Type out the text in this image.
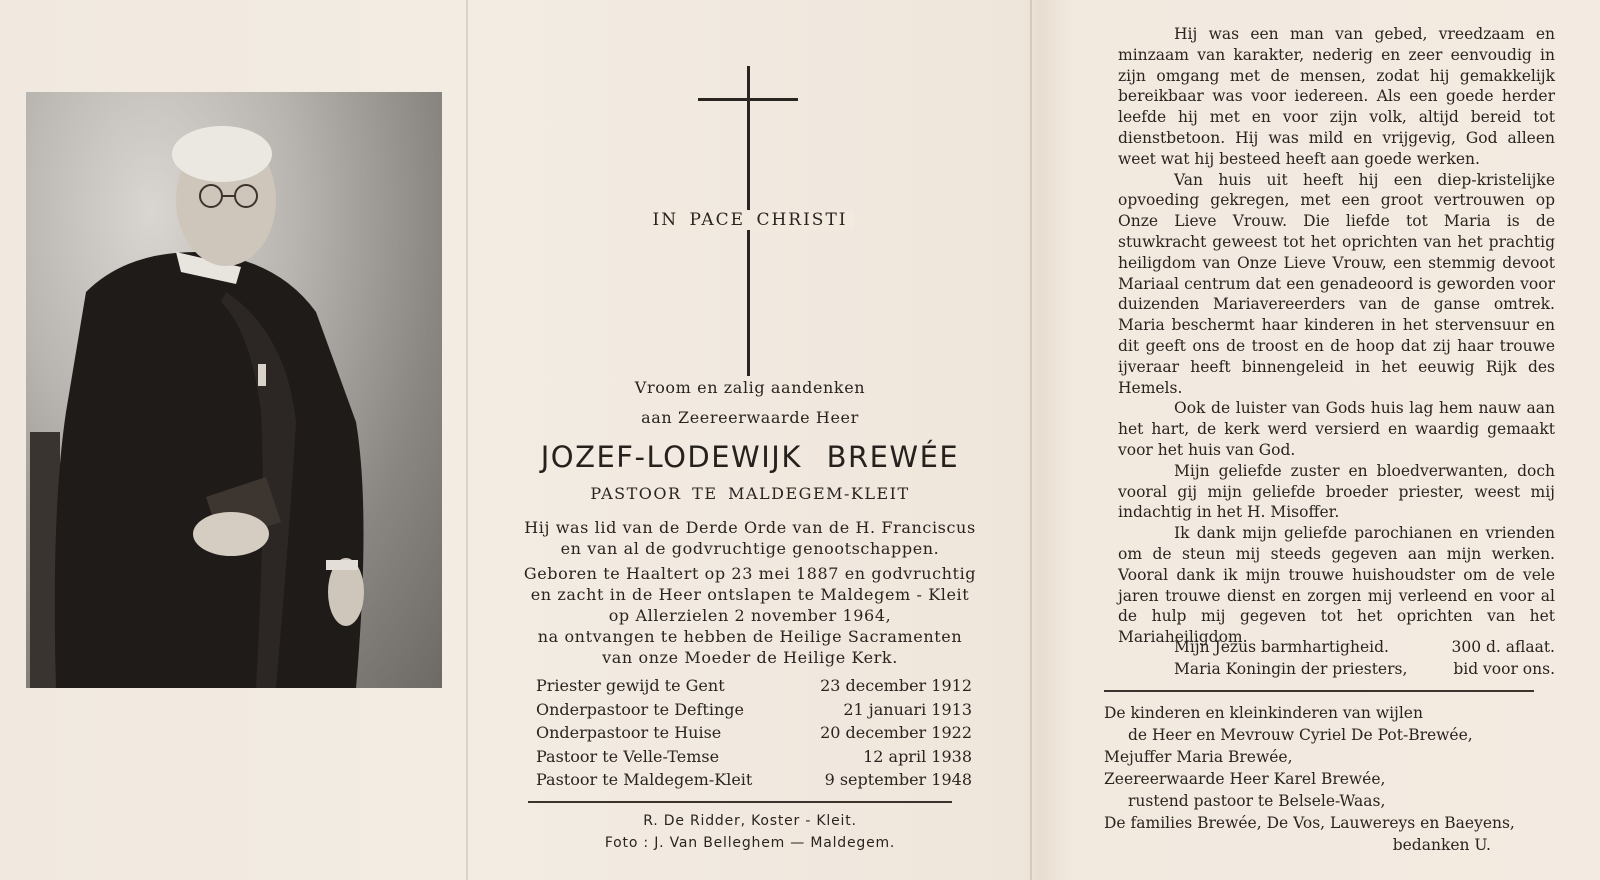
IN PACE CHRISTI
Vroom en zalig aandenken
aan Zeereerwaarde Heer
JOZEF-LODEWIJK BREWÉE
PASTOOR TE MALDEGEM-KLEIT
Hij was lid van de Derde Orde van de H. Franciscus
en van al de godvruchtige genootschappen.
Geboren te Haaltert op 23 mei 1887 en godvruchtig
en zacht in de Heer ontslapen te Maldegem - Kleit
op Allerzielen 2 november 1964,
na ontvangen te hebben de Heilige Sacramenten
van onze Moeder de Heilige Kerk.
Priester gewijd te Gent	23 december 1912
Onderpastoor te Deftinge	21 januari 1913
Onderpastoor te Huise	20 december 1922
Pastoor te Velle-Temse	12 april 1938
Pastoor te Maldegem-Kleit	9 september 1948
R. De Ridder, Koster - Kleit.
Foto : J. Van Belleghem — Maldegem.

Hij was een man van gebed, vreedzaam en minzaam van karakter, nederig en zeer eenvoudig in zijn omgang met de mensen, zodat hij gemakkelijk bereikbaar was voor iedereen. Als een goede herder leefde hij met en voor zijn volk, altijd bereid tot dienstbetoon. Hij was mild en vrijgevig, God alleen weet wat hij besteed heeft aan goede werken.

Van huis uit heeft hij een diep-kristelijke opvoeding gekregen, met een groot vertrouwen op Onze Lieve Vrouw. Die liefde tot Maria is de stuwkracht geweest tot het oprichten van het prachtig heiligdom van Onze Lieve Vrouw, een stemmig devoot Mariaal centrum dat een genadeoord is geworden voor duizenden Mariavereerders van de ganse omtrek. Maria beschermt haar kinderen in het stervensuur en dit geeft ons de troost en de hoop dat zij haar trouwe ijveraar heeft binnengeleid in het eeuwig Rijk des Hemels.

Ook de luister van Gods huis lag hem nauw aan het hart, de kerk werd versierd en waardig gemaakt voor het huis van God.

Mijn geliefde zuster en bloedverwanten, doch vooral gij mijn geliefde broeder priester, weest mij indachtig in het H. Misoffer.

Ik dank mijn geliefde parochianen en vrienden om de steun mij steeds gegeven aan mijn werken. Vooral dank ik mijn trouwe huishoudster om de vele jaren trouwe dienst en zorgen mij verleend en voor al de hulp mij gegeven tot het oprichten van het Mariaheiligdom.

Mijn Jezus barmhartigheid.	300 d. aflaat.
Maria Koningin der priesters,	bid voor ons.
De kinderen en kleinkinderen van wijlen
de Heer en Mevrouw Cyriel De Pot-Brewée,
Mejuffer Maria Brewée,
Zeereerwaarde Heer Karel Brewée,
rustend pastoor te Belsele-Waas,
De families Brewée, De Vos, Lauwereys en Baeyens,
bedanken U.
